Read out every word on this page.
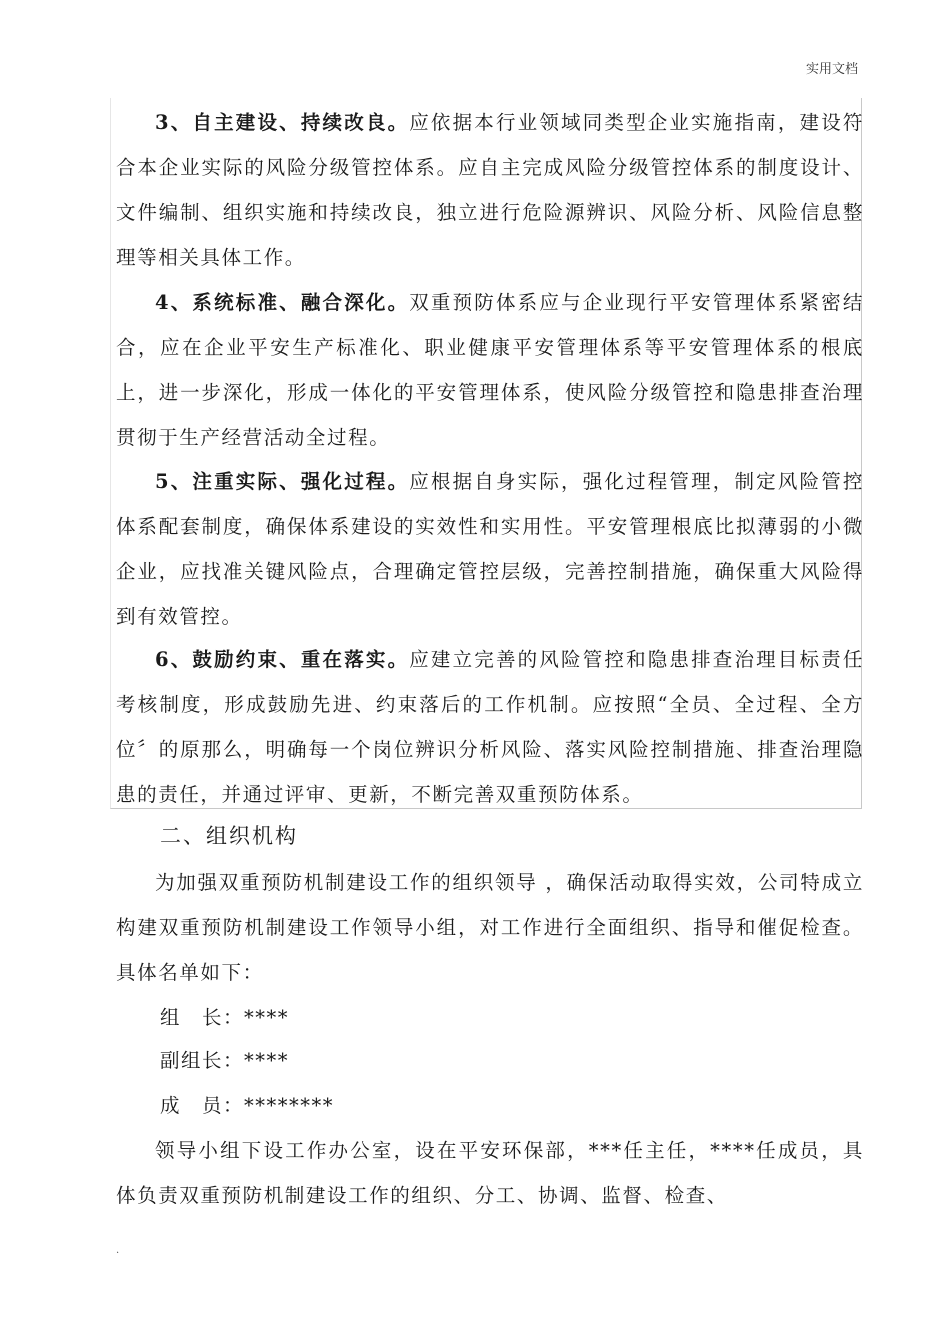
实用文档
3、自主建设、持续改良。应依据本行业领域同类型企业实施指南，建设符合本企业实际的风险分级管控体系。应自主完成风险分级管控体系的制度设计、文件编制、组织实施和持续改良，独立进行危险源辨识、风险分析、风险信息整理等相关具体工作。
4、系统标准、融合深化。双重预防体系应与企业现行平安管理体系紧密结合，应在企业平安生产标准化、职业健康平安管理体系等平安管理体系的根底上，进一步深化，形成一体化的平安管理体系，使风险分级管控和隐患排查治理贯彻于生产经营活动全过程。
5、注重实际、强化过程。应根据自身实际，强化过程管理，制定风险管控体系配套制度，确保体系建设的实效性和实用性。平安管理根底比拟薄弱的小微企业，应找准关键风险点，合理确定管控层级，完善控制措施，确保重大风险得到有效管控。
6、鼓励约束、重在落实。应建立完善的风险管控和隐患排查治理目标责任考核制度，形成鼓励先进、约束落后的工作机制。应按照“全员、全过程、全方位〞的原那么，明确每一个岗位辨识分析风险、落实风险控制措施、排查治理隐患的责任，并通过评审、更新，不断完善双重预防体系。
二、组织机构
为加强双重预防机制建设工作的组织领导 ，确保活动取得实效，公司特成立构建双重预防机制建设工作领导小组，对工作进行全面组织、指导和催促检查。具体名单如下：
组　长：****
副组长：****
成　员：********
领导小组下设工作办公室，设在平安环保部，***任主任，****任成员，具体负责双重预防机制建设工作的组织、分工、协调、监督、检查、
.
